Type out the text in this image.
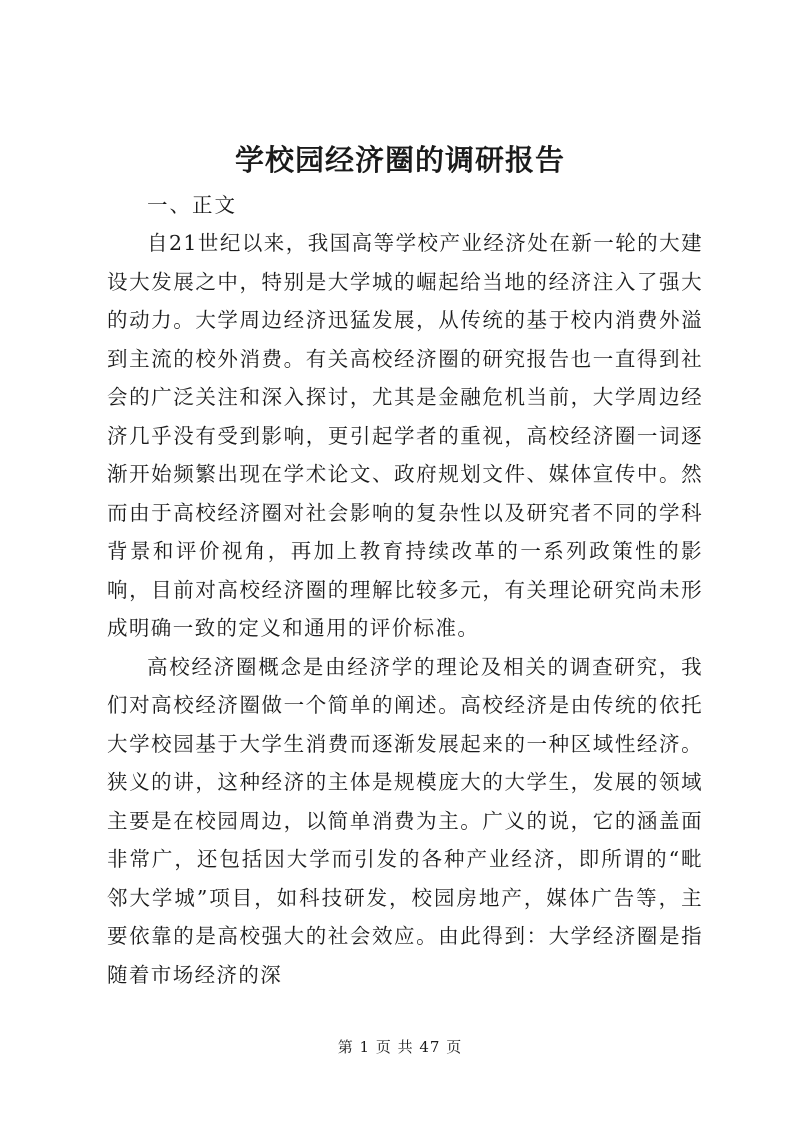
学校园经济圈的调研报告

一、正文

自21世纪以来，我国高等学校产业经济处在新一轮的大建设大发展之中，特别是大学城的崛起给当地的经济注入了强大的动力。大学周边经济迅猛发展，从传统的基于校内消费外溢到主流的校外消费。有关高校经济圈的研究报告也一直得到社会的广泛关注和深入探讨，尤其是金融危机当前，大学周边经济几乎没有受到影响，更引起学者的重视，高校经济圈一词逐渐开始频繁出现在学术论文、政府规划文件、媒体宣传中。然而由于高校经济圈对社会影响的复杂性以及研究者不同的学科背景和评价视角，再加上教育持续改革的一系列政策性的影响，目前对高校经济圈的理解比较多元，有关理论研究尚未形成明确一致的定义和通用的评价标准。

高校经济圈概念是由经济学的理论及相关的调查研究，我们对高校经济圈做一个简单的阐述。高校经济是由传统的依托大学校园基于大学生消费而逐渐发展起来的一种区域性经济。狭义的讲，这种经济的主体是规模庞大的大学生，发展的领域主要是在校园周边，以简单消费为主。广义的说，它的涵盖面非常广，还包括因大学而引发的各种产业经济，即所谓的“毗邻大学城”项目，如科技研发，校园房地产，媒体广告等，主要依靠的是高校强大的社会效应。由此得到：大学经济圈是指随着市场经济的深

第 1 页 共 47 页
